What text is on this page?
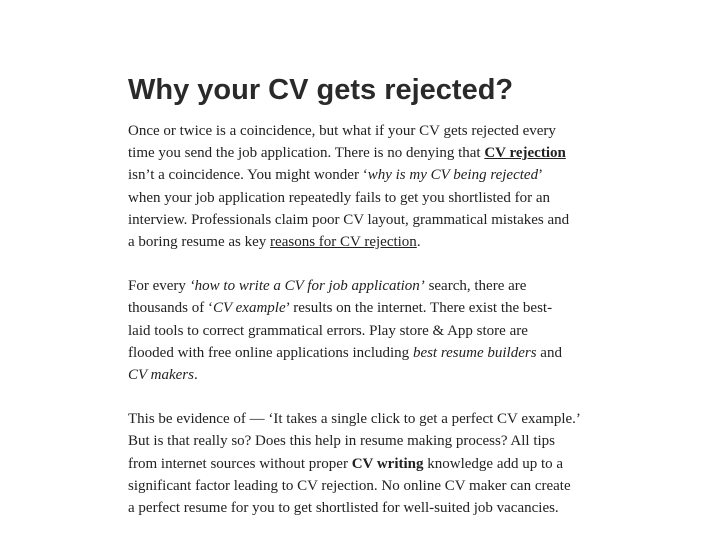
Why your CV gets rejected?

Once or twice is a coincidence, but what if your CV gets rejected every
time you send the job application. There is no denying that CV rejection
isn’t a coincidence. You might wonder ‘why is my CV being rejected’
when your job application repeatedly fails to get you shortlisted for an
interview. Professionals claim poor CV layout, grammatical mistakes and
a boring resume as key reasons for CV rejection.

For every ‘how to write a CV for job application’ search, there are
thousands of ‘CV example’ results on the internet. There exist the best-
laid tools to correct grammatical errors. Play store & App store are
flooded with free online applications including best resume builders and
CV makers.

This be evidence of — ‘It takes a single click to get a perfect CV example.’
But is that really so? Does this help in resume making process? All tips
from internet sources without proper CV writing knowledge add up to a
significant factor leading to CV rejection. No online CV maker can create
a perfect resume for you to get shortlisted for well-suited job vacancies.
